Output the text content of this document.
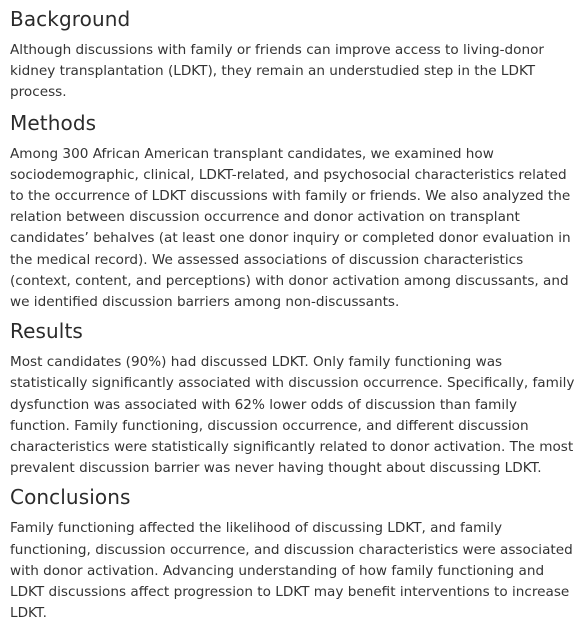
Background

Although discussions with family or friends can improve access to living-donor kidney transplantation (LDKT), they remain an understudied step in the LDKT process.

Methods

Among 300 African American transplant candidates, we examined how sociodemographic, clinical, LDKT-related, and psychosocial characteristics related to the occurrence of LDKT discussions with family or friends. We also analyzed the relation between discussion occurrence and donor activation on transplant candidates’ behalves (at least one donor inquiry or completed donor evaluation in the medical record). We assessed associations of discussion characteristics (context, content, and perceptions) with donor activation among discussants, and we identified discussion barriers among non-discussants.

Results

Most candidates (90%) had discussed LDKT. Only family functioning was statistically significantly associated with discussion occurrence. Specifically, family dysfunction was associated with 62% lower odds of discussion than family function. Family functioning, discussion occurrence, and different discussion characteristics were statistically significantly related to donor activation. The most prevalent discussion barrier was never having thought about discussing LDKT.

Conclusions

Family functioning affected the likelihood of discussing LDKT, and family functioning, discussion occurrence, and discussion characteristics were associated with donor activation. Advancing understanding of how family functioning and LDKT discussions affect progression to LDKT may benefit interventions to increase LDKT.
